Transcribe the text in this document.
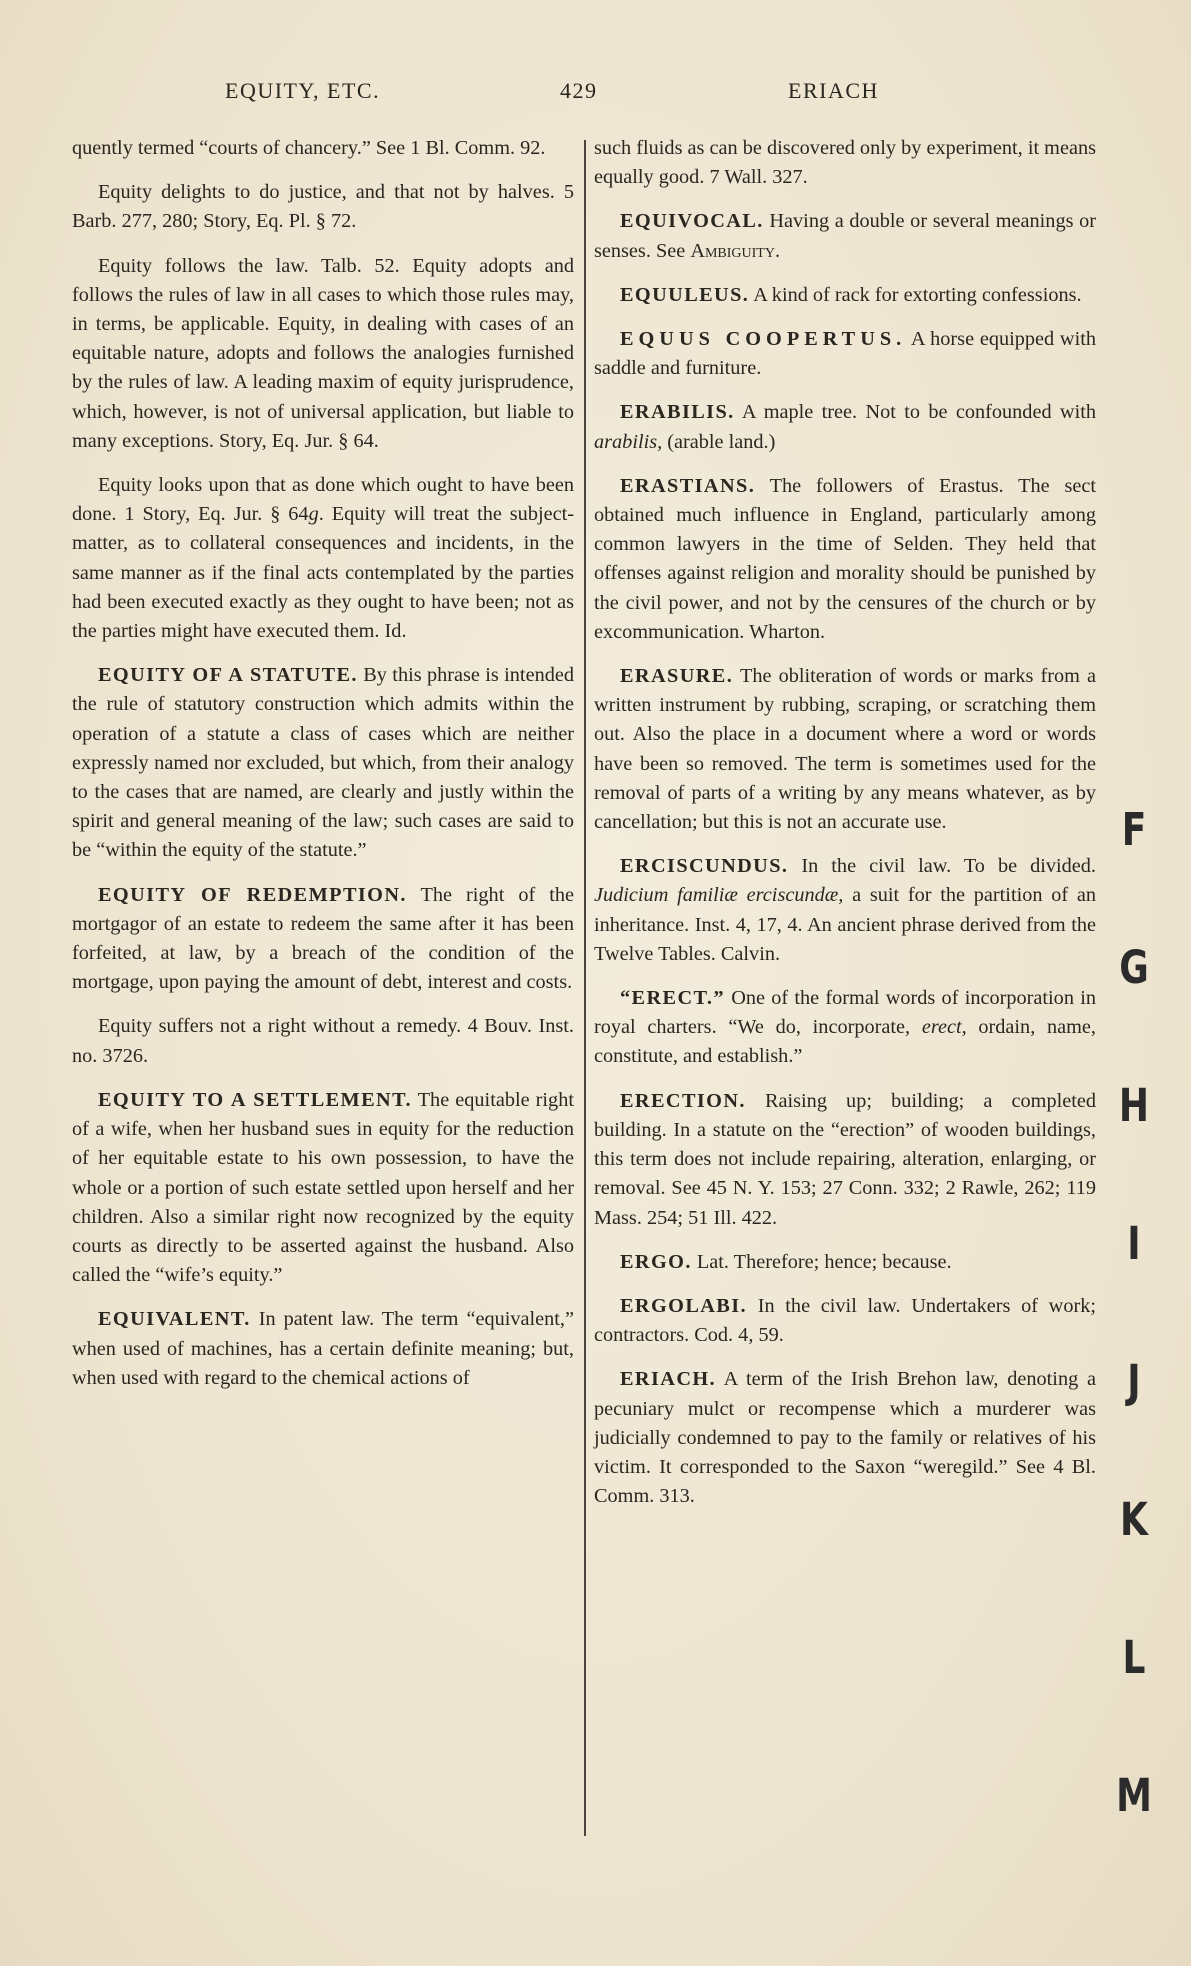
EQUITY, ETC.	429	ERIACH

quently termed “courts of chancery.” See 1 Bl. Comm. 92.

Equity delights to do justice, and that not by halves. 5 Barb. 277, 280; Story, Eq. Pl. § 72.

Equity follows the law. Talb. 52. Equity adopts and follows the rules of law in all cases to which those rules may, in terms, be applicable. Equity, in dealing with cases of an equitable nature, adopts and follows the analogies furnished by the rules of law. A leading maxim of equity jurisprudence, which, however, is not of universal application, but liable to many exceptions. Story, Eq. Jur. § 64.

Equity looks upon that as done which ought to have been done. 1 Story, Eq. Jur. § 64g. Equity will treat the subject-matter, as to collateral consequences and incidents, in the same manner as if the final acts contemplated by the parties had been executed exactly as they ought to have been; not as the parties might have executed them. Id.

EQUITY OF A STATUTE. By this phrase is intended the rule of statutory construction which admits within the operation of a statute a class of cases which are neither expressly named nor excluded, but which, from their analogy to the cases that are named, are clearly and justly within the spirit and general meaning of the law; such cases are said to be “within the equity of the statute.”

EQUITY OF REDEMPTION. The right of the mortgagor of an estate to redeem the same after it has been forfeited, at law, by a breach of the condition of the mortgage, upon paying the amount of debt, interest and costs.

Equity suffers not a right without a remedy. 4 Bouv. Inst. no. 3726.

EQUITY TO A SETTLEMENT. The equitable right of a wife, when her husband sues in equity for the reduction of her equitable estate to his own possession, to have the whole or a portion of such estate settled upon herself and her children. Also a similar right now recognized by the equity courts as directly to be asserted against the husband. Also called the “wife’s equity.”

EQUIVALENT. In patent law. The term “equivalent,” when used of machines, has a certain definite meaning; but, when used with regard to the chemical actions of

such fluids as can be discovered only by experiment, it means equally good. 7 Wall. 327.

EQUIVOCAL. Having a double or several meanings or senses. See Ambiguity.

EQUULEUS. A kind of rack for extorting confessions.

EQUUS COOPERTUS. A horse equipped with saddle and furniture.

ERABILIS. A maple tree. Not to be confounded with arabilis, (arable land.)

ERASTIANS. The followers of Erastus. The sect obtained much influence in England, particularly among common lawyers in the time of Selden. They held that offenses against religion and morality should be punished by the civil power, and not by the censures of the church or by excommunication. Wharton.

ERASURE. The obliteration of words or marks from a written instrument by rubbing, scraping, or scratching them out. Also the place in a document where a word or words have been so removed. The term is sometimes used for the removal of parts of a writing by any means whatever, as by cancellation; but this is not an accurate use.

ERCISCUNDUS. In the civil law. To be divided. Judicium familiæ erciscundæ, a suit for the partition of an inheritance. Inst. 4, 17, 4. An ancient phrase derived from the Twelve Tables. Calvin.

“ERECT.” One of the formal words of incorporation in royal charters. “We do, incorporate, erect, ordain, name, constitute, and establish.”

ERECTION. Raising up; building; a completed building. In a statute on the “erection” of wooden buildings, this term does not include repairing, alteration, enlarging, or removal. See 45 N. Y. 153; 27 Conn. 332; 2 Rawle, 262; 119 Mass. 254; 51 Ill. 422.

ERGO. Lat. Therefore; hence; because.

ERGOLABI. In the civil law. Undertakers of work; contractors. Cod. 4, 59.

ERIACH. A term of the Irish Brehon law, denoting a pecuniary mulct or recompense which a murderer was judicially condemned to pay to the family or relatives of his victim. It corresponded to the Saxon “weregild.” See 4 Bl. Comm. 313.

F
G
H
I
J
K
L
M
